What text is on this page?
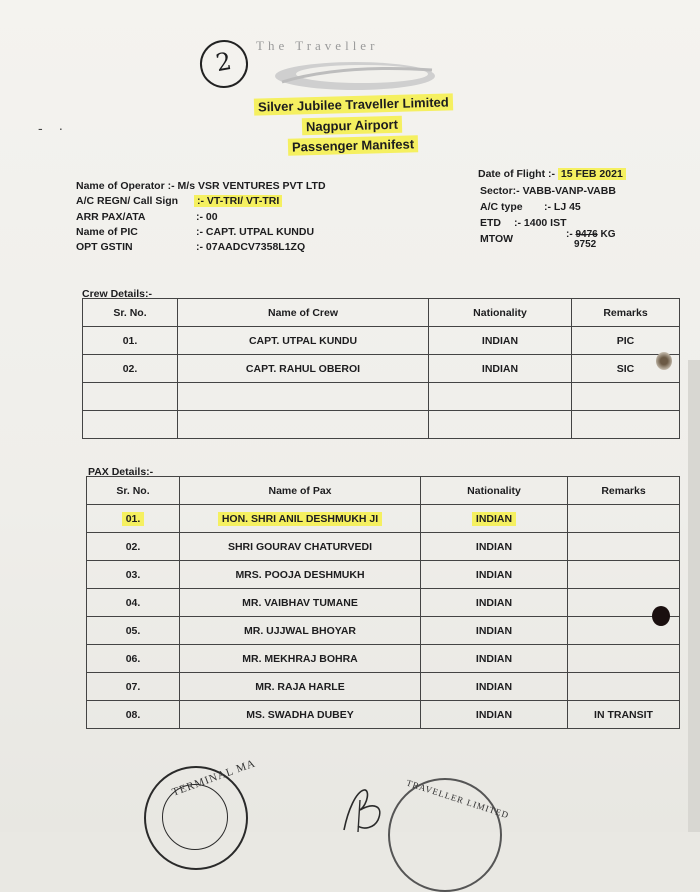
- ·
2
The Traveller
Silver Jubilee Traveller Limited
Nagpur Airport
Passenger Manifest
Name of Operator :- M/s VSR VENTURES PVT LTD
A/C REGN/ Call Sign :- VT-TRI/ VT-TRI
ARR PAX/ATA	:- 00
Name of PIC	:- CAPT. UTPAL KUNDU
OPT GSTIN	:- 07AADCV7358L1ZQ
Date of Flight :- 15 FEB 2021
Sector:- VABB-VANP-VABB
A/C type :- LJ 45
ETD :- 1400 IST
MTOW	:- 9476 KG
9752
Crew Details:-
Sr. No.	Name of Crew	Nationality	Remarks
01.	CAPT. UTPAL KUNDU	INDIAN	PIC
02.	CAPT. RAHUL OBEROI	INDIAN	SIC

PAX Details:-
Sr. No.	Name of Pax	Nationality	Remarks
01.	HON. SHRI ANIL DESHMUKH JI	INDIAN	
02.	SHRI GOURAV CHATURVEDI	INDIAN	
03.	MRS. POOJA DESHMUKH	INDIAN	
04.	MR. VAIBHAV TUMANE	INDIAN	
05.	MR. UJJWAL BHOYAR	INDIAN	
06.	MR. MEKHRAJ BOHRA	INDIAN	
07.	MR. RAJA HARLE	INDIAN	
08.	MS. SWADHA DUBEY	INDIAN	IN TRANSIT
TERMINAL MA	TRAVELLER LIMITED
